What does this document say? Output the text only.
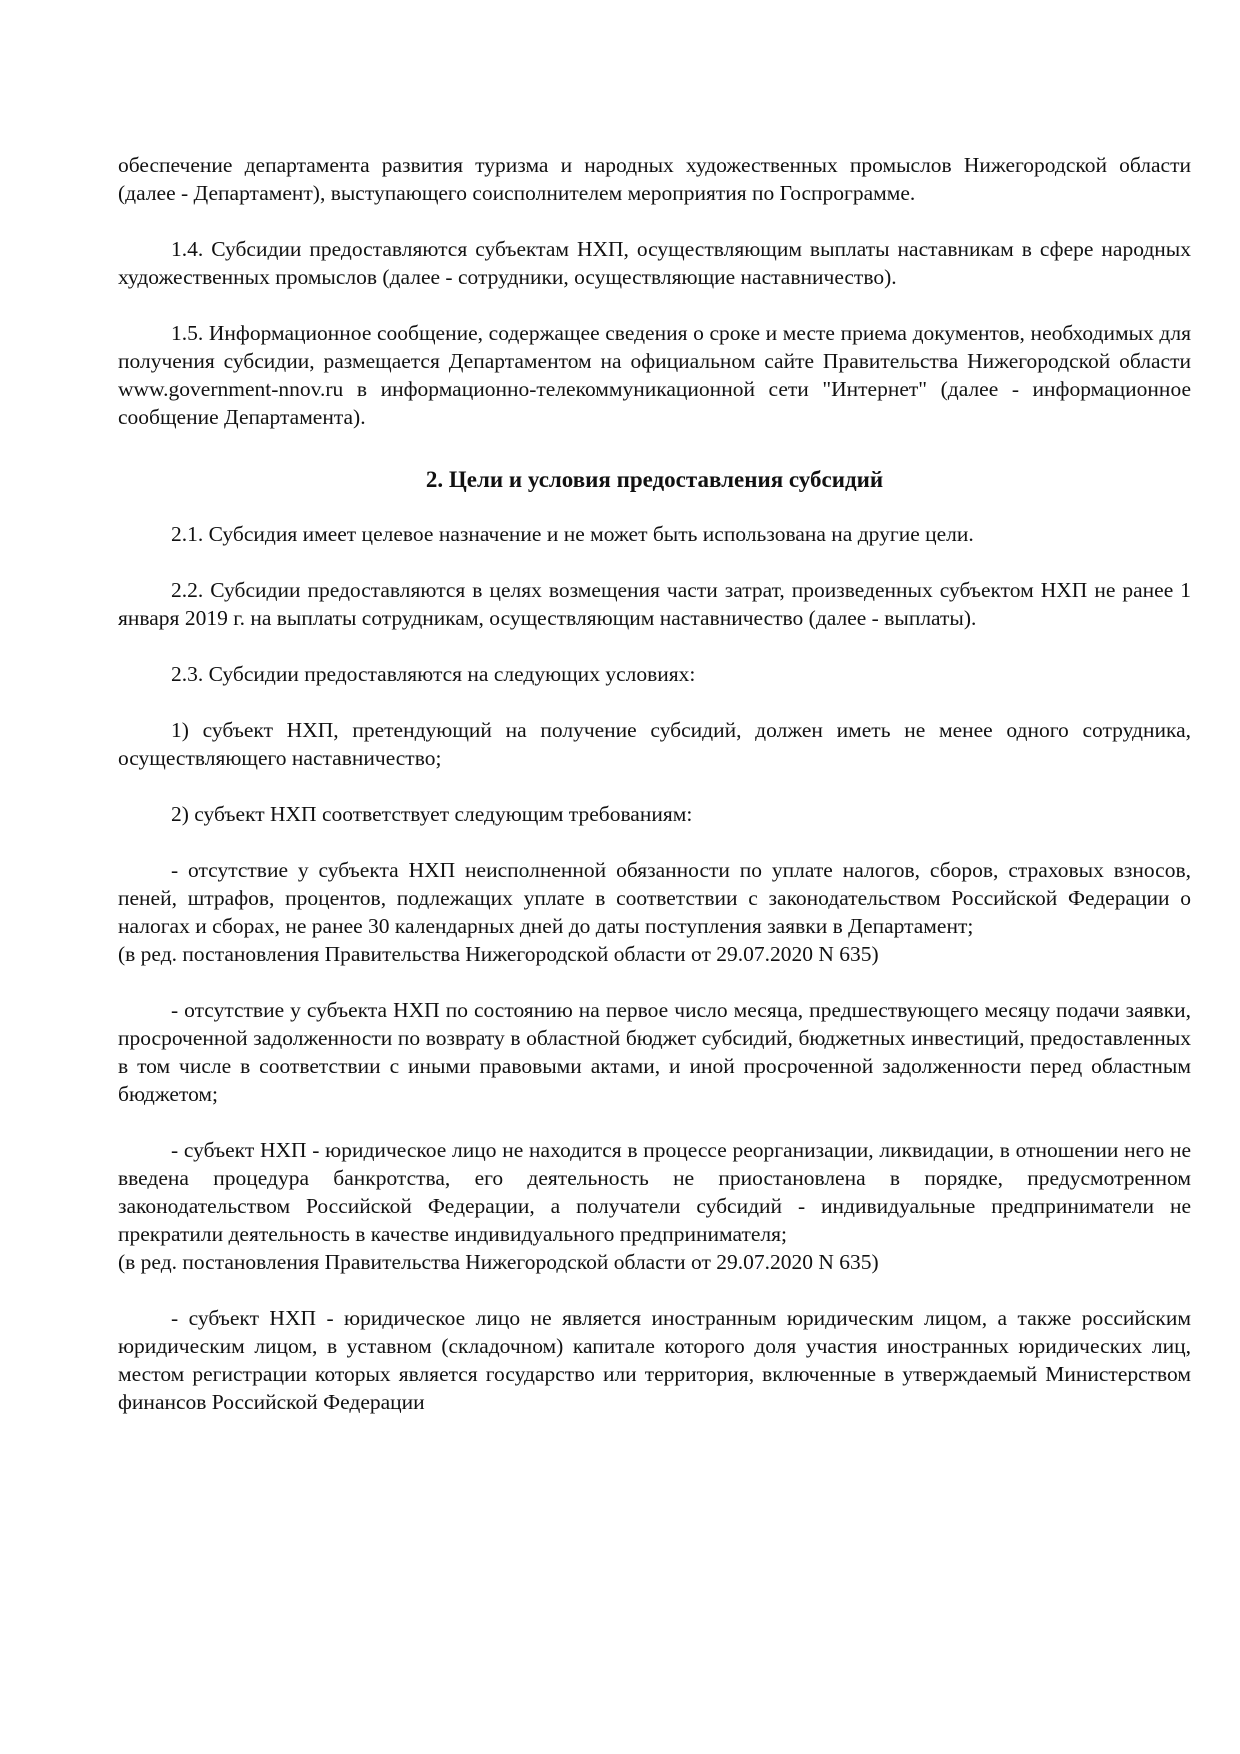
обеспечение департамента развития туризма и народных художественных промыслов Нижегородской области (далее - Департамент), выступающего соисполнителем мероприятия по Госпрограмме.

1.4. Субсидии предоставляются субъектам НХП, осуществляющим выплаты наставникам в сфере народных художественных промыслов (далее - сотрудники, осуществляющие наставничество).

1.5. Информационное сообщение, содержащее сведения о сроке и месте приема документов, необходимых для получения субсидии, размещается Департаментом на официальном сайте Правительства Нижегородской области www.government-nnov.ru в информационно-телекоммуникационной сети "Интернет" (далее - информационное сообщение Департамента).

2. Цели и условия предоставления субсидий

2.1. Субсидия имеет целевое назначение и не может быть использована на другие цели.

2.2. Субсидии предоставляются в целях возмещения части затрат, произведенных субъектом НХП не ранее 1 января 2019 г. на выплаты сотрудникам, осуществляющим наставничество (далее - выплаты).

2.3. Субсидии предоставляются на следующих условиях:

1) субъект НХП, претендующий на получение субсидий, должен иметь не менее одного сотрудника, осуществляющего наставничество;

2) субъект НХП соответствует следующим требованиям:

- отсутствие у субъекта НХП неисполненной обязанности по уплате налогов, сборов, страховых взносов, пеней, штрафов, процентов, подлежащих уплате в соответствии с законодательством Российской Федерации о налогах и сборах, не ранее 30 календарных дней до даты поступления заявки в Департамент;

(в ред. постановления Правительства Нижегородской области от 29.07.2020 N 635)

- отсутствие у субъекта НХП по состоянию на первое число месяца, предшествующего месяцу подачи заявки, просроченной задолженности по возврату в областной бюджет субсидий, бюджетных инвестиций, предоставленных в том числе в соответствии с иными правовыми актами, и иной просроченной задолженности перед областным бюджетом;

- субъект НХП - юридическое лицо не находится в процессе реорганизации, ликвидации, в отношении него не введена процедура банкротства, его деятельность не приостановлена в порядке, предусмотренном законодательством Российской Федерации, а получатели субсидий - индивидуальные предприниматели не прекратили деятельность в качестве индивидуального предпринимателя;

(в ред. постановления Правительства Нижегородской области от 29.07.2020 N 635)

- субъект НХП - юридическое лицо не является иностранным юридическим лицом, а также российским юридическим лицом, в уставном (складочном) капитале которого доля участия иностранных юридических лиц, местом регистрации которых является государство или территория, включенные в утверждаемый Министерством финансов Российской Федерации
